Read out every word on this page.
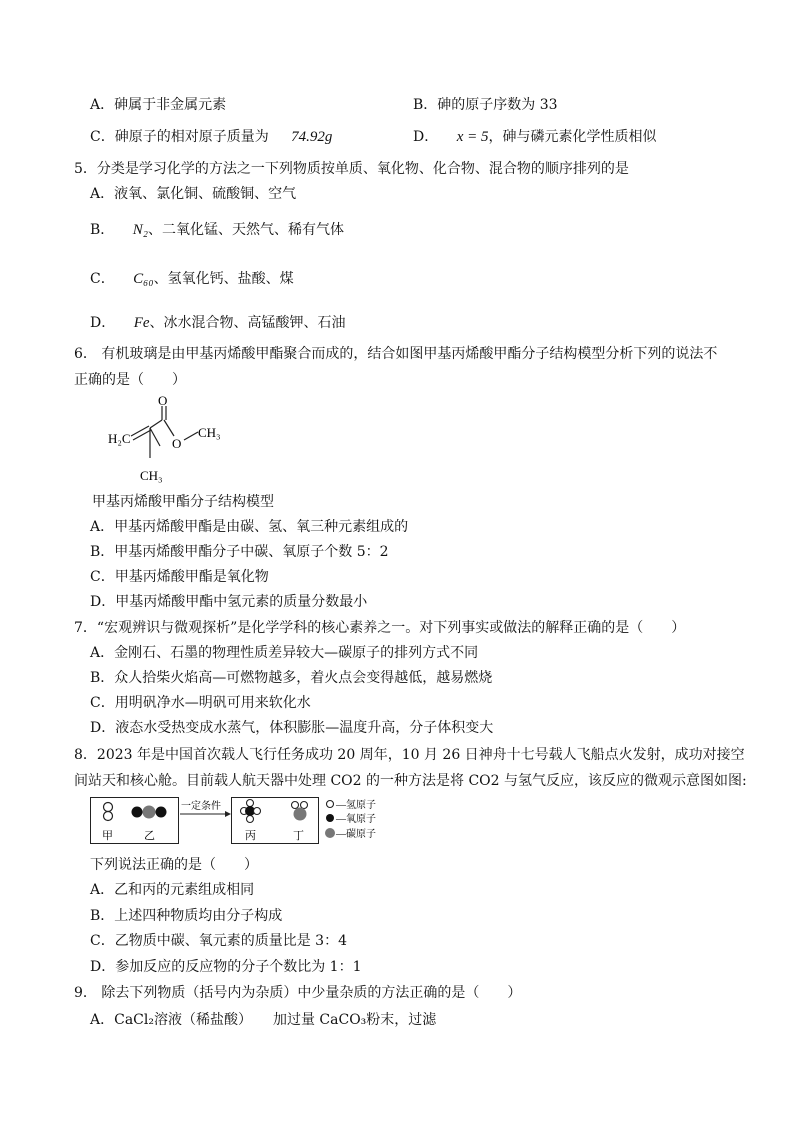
A．砷属于非金属元素	B．砷的原子序数为 33
C．砷原子的相对原子质量为 74.92g	D． x = 5，砷与磷元素化学性质相似
5．分类是学习化学的方法之一下列物质按单质、氧化物、化合物、混合物的顺序排列的是
A．液氧、氯化铜、硫酸铜、空气
B． N₂、二氧化锰、天然气、稀有气体
C． C₆₀、氢氧化钙、盐酸、煤
D． Fe、冰水混合物、高锰酸钾、石油
6． 有机玻璃是由甲基丙烯酸甲酯聚合而成的，结合如图甲基丙烯酸甲酯分子结构模型分析下列的说法不
正确的是（　　）
H₂C
O
O
CH₃
CH₃
甲基丙烯酸甲酯分子结构模型
A．甲基丙烯酸甲酯是由碳、氢、氧三种元素组成的
B．甲基丙烯酸甲酯分子中碳、氧原子个数 5：2
C．甲基丙烯酸甲酯是氧化物
D．甲基丙烯酸甲酯中氢元素的质量分数最小
7．“宏观辨识与微观探析”是化学学科的核心素养之一。对下列事实或做法的解释正确的是（　　）
A．金刚石、石墨的物理性质差异较大—碳原子的排列方式不同
B．众人拾柴火焰高—可燃物越多，着火点会变得越低，越易燃烧
C．用明矾净水—明矾可用来软化水
D．液态水受热变成水蒸气，体积膨胀—温度升高，分子体积变大
8．2023 年是中国首次载人飞行任务成功 20 周年，10 月 26 日神舟十七号载人飞船点火发射，成功对接空
间站天和核心舱。目前载人航天器中处理 CO2 的一种方法是将 CO2 与氢气反应，该反应的微观示意图如图:
甲	乙
一定条件
丙	丁
—氢原子
—氧原子
—碳原子
下列说法正确的是（　　）
A．乙和丙的元素组成相同
B．上述四种物质均由分子构成
C．乙物质中碳、氧元素的质量比是 3：4
D．参加反应的反应物的分子个数比为 1：1
9． 除去下列物质（括号内为杂质）中少量杂质的方法正确的是（　　）
A．CaCl₂溶液（稀盐酸）　　加过量 CaCO₃粉末，过滤
